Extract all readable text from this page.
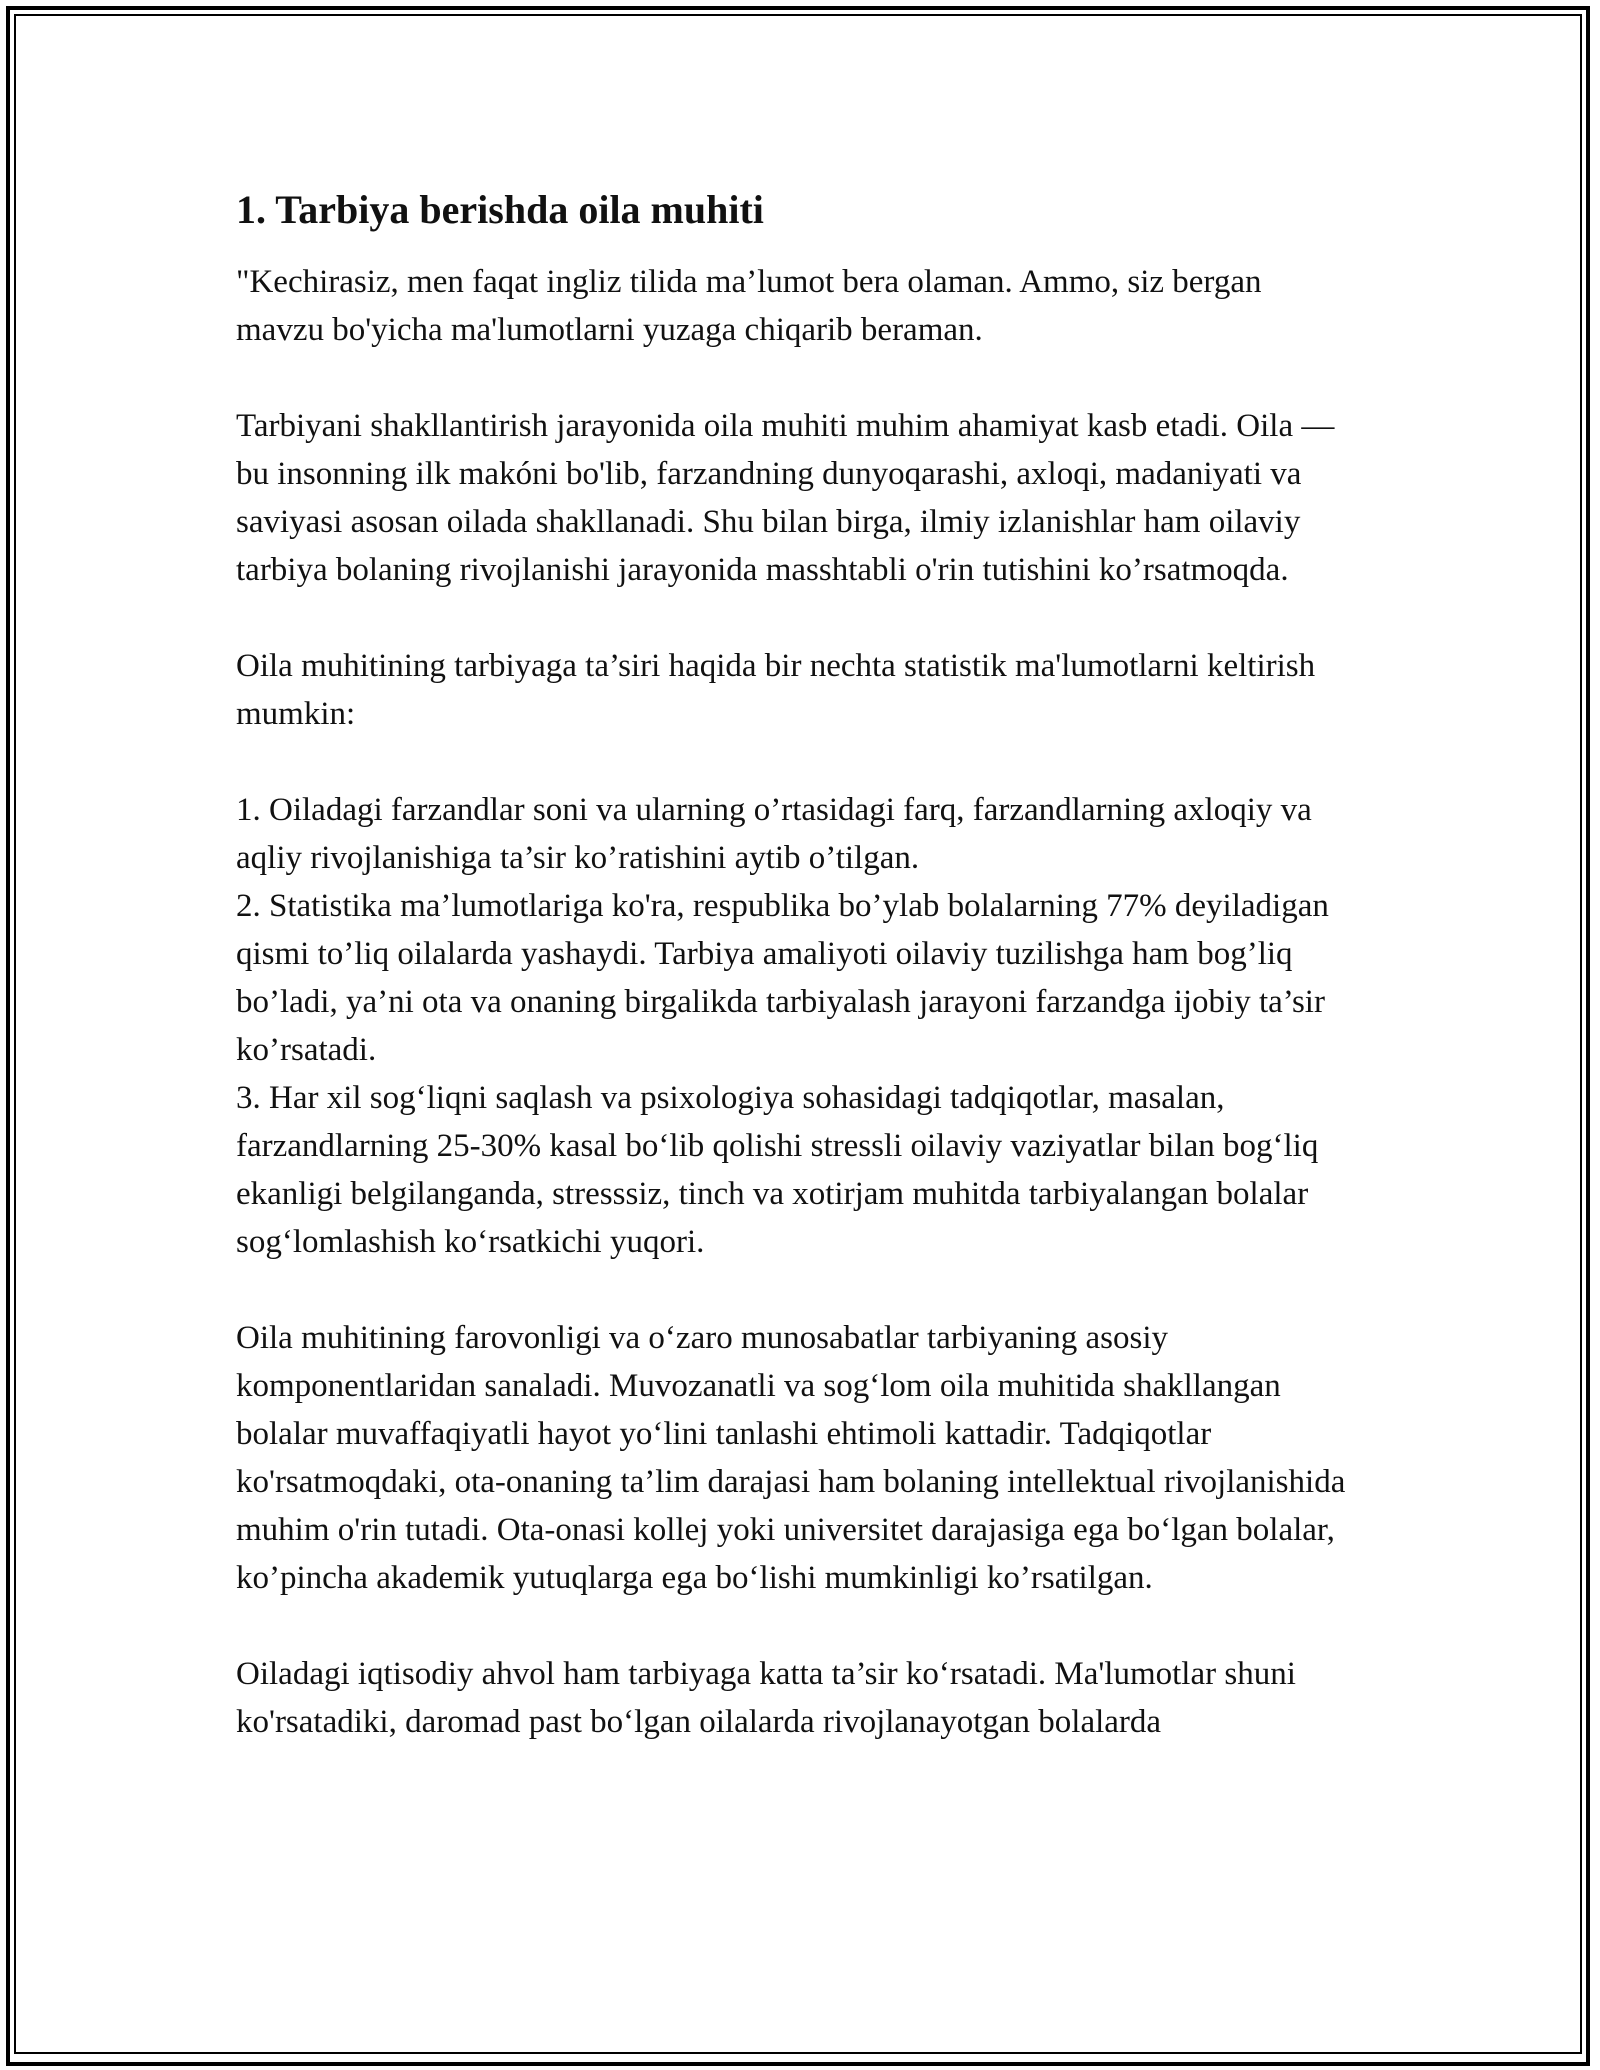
1. Tarbiya berishda oila muhiti

"Kechirasiz, men faqat ingliz tilida ma’lumot bera olaman. Ammo, siz bergan mavzu bo'yicha ma'lumotlarni yuzaga chiqarib beraman.

Tarbiyani shakllantirish jarayonida oila muhiti muhim ahamiyat kasb etadi. Oila — bu insonning ilk makóni bo'lib, farzandning dunyoqarashi, axloqi, madaniyati va saviyasi asosan oilada shakllanadi. Shu bilan birga, ilmiy izlanishlar ham oilaviy tarbiya bolaning rivojlanishi jarayonida masshtabli o'rin tutishini ko’rsatmoqda.

Oila muhitining tarbiyaga ta’siri haqida bir nechta statistik ma'lumotlarni keltirish mumkin:

1. Oiladagi farzandlar soni va ularning o’rtasidagi farq, farzandlarning axloqiy va aqliy rivojlanishiga ta’sir ko’ratishini aytib o’tilgan.

2. Statistika ma’lumotlariga ko'ra, respublika bo’ylab bolalarning 77% deyiladigan qismi to’liq oilalarda yashaydi. Tarbiya amaliyoti oilaviy tuzilishga ham bog’liq bo’ladi, ya’ni ota va onaning birgalikda tarbiyalash jarayoni farzandga ijobiy ta’sir ko’rsatadi.

3. Har xil sog‘liqni saqlash va psixologiya sohasidagi tadqiqotlar, masalan, farzandlarning 25-30% kasal bo‘lib qolishi stressli oilaviy vaziyatlar bilan bog‘liq ekanligi belgilanganda, stresssiz, tinch va xotirjam muhitda tarbiyalangan bolalar sog‘lomlashish ko‘rsatkichi yuqori.

Oila muhitining farovonligi va o‘zaro munosabatlar tarbiyaning asosiy komponentlaridan sanaladi. Muvozanatli va sog‘lom oila muhitida shakllangan bolalar muvaffaqiyatli hayot yo‘lini tanlashi ehtimoli kattadir. Tadqiqotlar ko'rsatmoqdaki, ota-onaning ta’lim darajasi ham bolaning intellektual rivojlanishida muhim o'rin tutadi. Ota-onasi kollej yoki universitet darajasiga ega bo‘lgan bolalar, ko’pincha akademik yutuqlarga ega bo‘lishi mumkinligi ko’rsatilgan.

Oiladagi iqtisodiy ahvol ham tarbiyaga katta ta’sir ko‘rsatadi. Ma'lumotlar shuni ko'rsatadiki, daromad past bo‘lgan oilalarda rivojlanayotgan bolalarda
